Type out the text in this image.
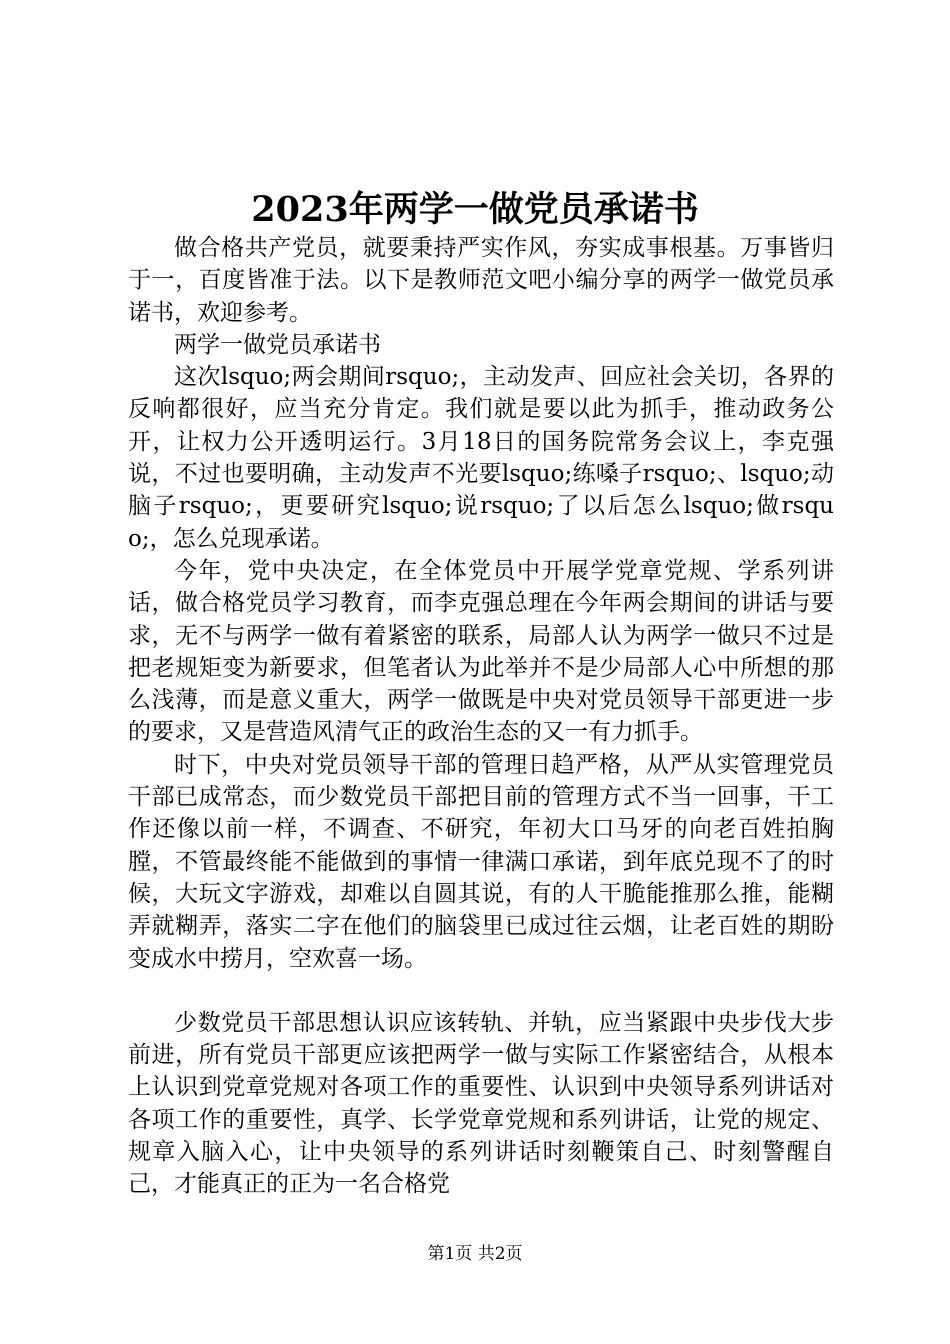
2023年两学一做党员承诺书

做合格共产党员，就要秉持严实作风，夯实成事根基。万事皆归于一，百度皆准于法。以下是教师范文吧小编分享的两学一做党员承诺书，欢迎参考。

两学一做党员承诺书

这次lsquo;两会期间rsquo;，主动发声、回应社会关切，各界的反响都很好，应当充分肯定。我们就是要以此为抓手，推动政务公开，让权力公开透明运行。3月18日的国务院常务会议上，李克强说，不过也要明确，主动发声不光要lsquo;练嗓子rsquo;、lsquo;动脑子rsquo;，更要研究lsquo;说rsquo;了以后怎么lsquo;做rsquo;，怎么兑现承诺。

今年，党中央决定，在全体党员中开展学党章党规、学系列讲话，做合格党员学习教育，而李克强总理在今年两会期间的讲话与要求，无不与两学一做有着紧密的联系，局部人认为两学一做只不过是把老规矩变为新要求，但笔者认为此举并不是少局部人心中所想的那么浅薄，而是意义重大，两学一做既是中央对党员领导干部更进一步的要求，又是营造风清气正的政治生态的又一有力抓手。

时下，中央对党员领导干部的管理日趋严格，从严从实管理党员干部已成常态，而少数党员干部把目前的管理方式不当一回事，干工作还像以前一样，不调查、不研究，年初大口马牙的向老百姓拍胸膛，不管最终能不能做到的事情一律满口承诺，到年底兑现不了的时候，大玩文字游戏，却难以自圆其说，有的人干脆能推那么推，能糊弄就糊弄，落实二字在他们的脑袋里已成过往云烟，让老百姓的期盼变成水中捞月，空欢喜一场。

少数党员干部思想认识应该转轨、并轨，应当紧跟中央步伐大步前进，所有党员干部更应该把两学一做与实际工作紧密结合，从根本上认识到党章党规对各项工作的重要性、认识到中央领导系列讲话对各项工作的重要性，真学、长学党章党规和系列讲话，让党的规定、规章入脑入心，让中央领导的系列讲话时刻鞭策自己、时刻警醒自己，才能真正的正为一名合格党

第1页 共2页
